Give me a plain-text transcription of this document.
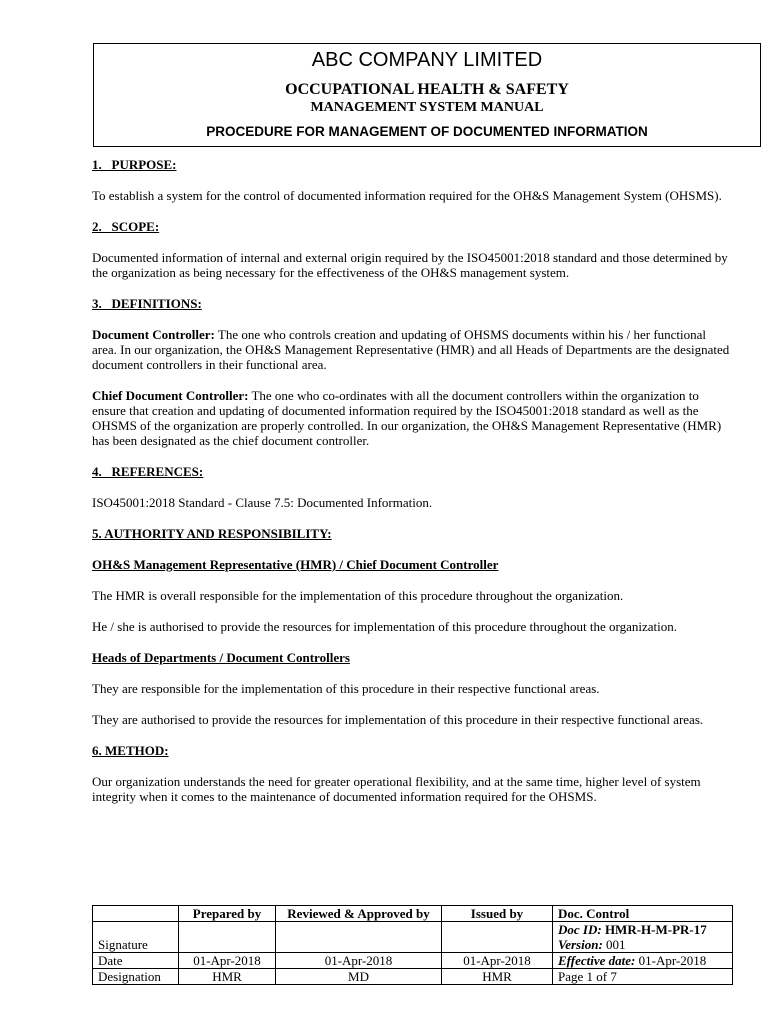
ABC COMPANY LIMITED
OCCUPATIONAL HEALTH & SAFETY
MANAGEMENT SYSTEM MANUAL
PROCEDURE FOR MANAGEMENT OF DOCUMENTED INFORMATION

1.   PURPOSE:

To establish a system for the control of documented information required for the OH&S Management System (OHSMS).

2.   SCOPE:

Documented information of internal and external origin required by the ISO45001:2018 standard and those determined by the organization as being necessary for the effectiveness of the OH&S management system.

3.   DEFINITIONS:

Document Controller: The one who controls creation and updating of OHSMS documents within his / her functional area. In our organization, the OH&S Management Representative (HMR) and all Heads of Departments are the designated document controllers in their functional area.

Chief Document Controller: The one who co-ordinates with all the document controllers within the organization to ensure that creation and updating of documented information required by the ISO45001:2018 standard as well as the OHSMS of the organization are properly controlled. In our organization, the OH&S Management Representative (HMR) has been designated as the chief document controller.

4.   REFERENCES:

ISO45001:2018 Standard - Clause 7.5: Documented Information.

5. AUTHORITY AND RESPONSIBILITY:

OH&S Management Representative (HMR) / Chief Document Controller

The HMR is overall responsible for the implementation of this procedure throughout the organization.

He / she is authorised to provide the resources for implementation of this procedure throughout the organization.

Heads of Departments / Document Controllers

They are responsible for the implementation of this procedure in their respective functional areas.

They are authorised to provide the resources for implementation of this procedure in their respective functional areas.

6. METHOD:

Our organization understands the need for greater operational flexibility, and at the same time, higher level of system integrity when it comes to the maintenance of documented information required for the OHSMS.

	Prepared by	Reviewed & Approved by	Issued by	Doc. Control
Signature				Doc ID: HMR-H-M-PR-17
Version: 001

Date	01-Apr-2018	01-Apr-2018	01-Apr-2018	Effective date: 01-Apr-2018
Designation	HMR	MD	HMR	Page 1 of 7
